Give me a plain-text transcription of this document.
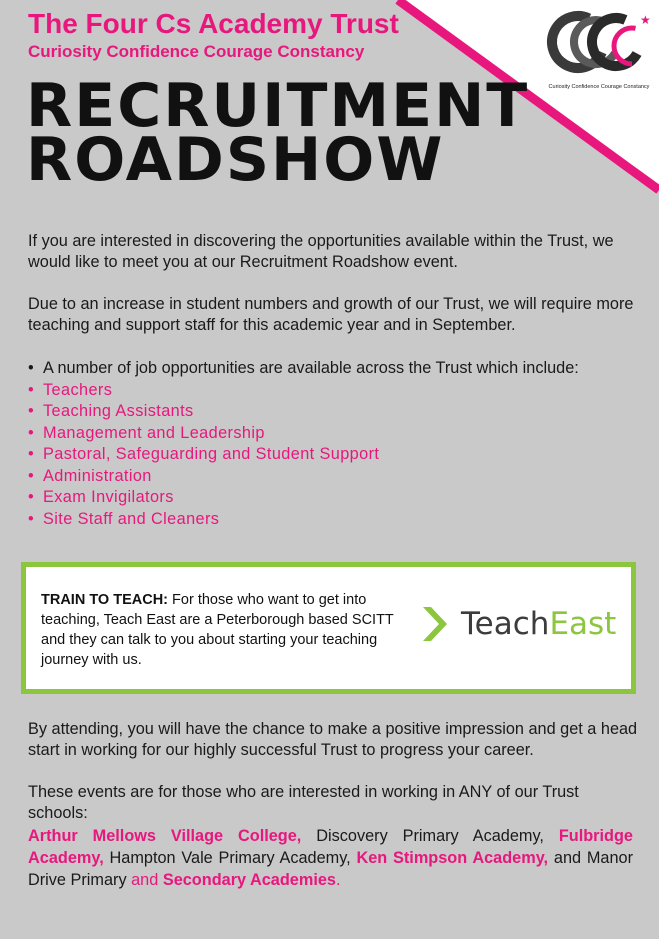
The Four Cs Academy Trust
Curiosity Confidence Courage Constancy
★
Curiosity Confidence Courage Constancy
RECRUITMENT
ROADSHOW
If you are interested in discovering the opportunities available within the Trust, we would like to meet you at our Recruitment Roadshow event.
Due to an increase in student numbers and growth of our Trust, we will require more teaching and support staff for this academic year and in September.
• A number of job opportunities are available across the Trust which include:
• Teachers
• Teaching Assistants
• Management and Leadership
• Pastoral, Safeguarding and Student Support
• Administration
• Exam Invigilators
• Site Staff and Cleaners
TRAIN TO TEACH: For those who want to get into teaching, Teach East are a Peterborough based SCITT and they can talk to you about starting your teaching journey with us.
TeachEast
By attending, you will have the chance to make a positive impression and get a head start in working for our highly successful Trust to progress your career.
These events are for those who are interested in working in ANY of our Trust schools:
Arthur Mellows Village College, Discovery Primary Academy, Fulbridge Academy, Hampton Vale Primary Academy, Ken Stimpson Academy, and Manor Drive Primary and Secondary Academies.
